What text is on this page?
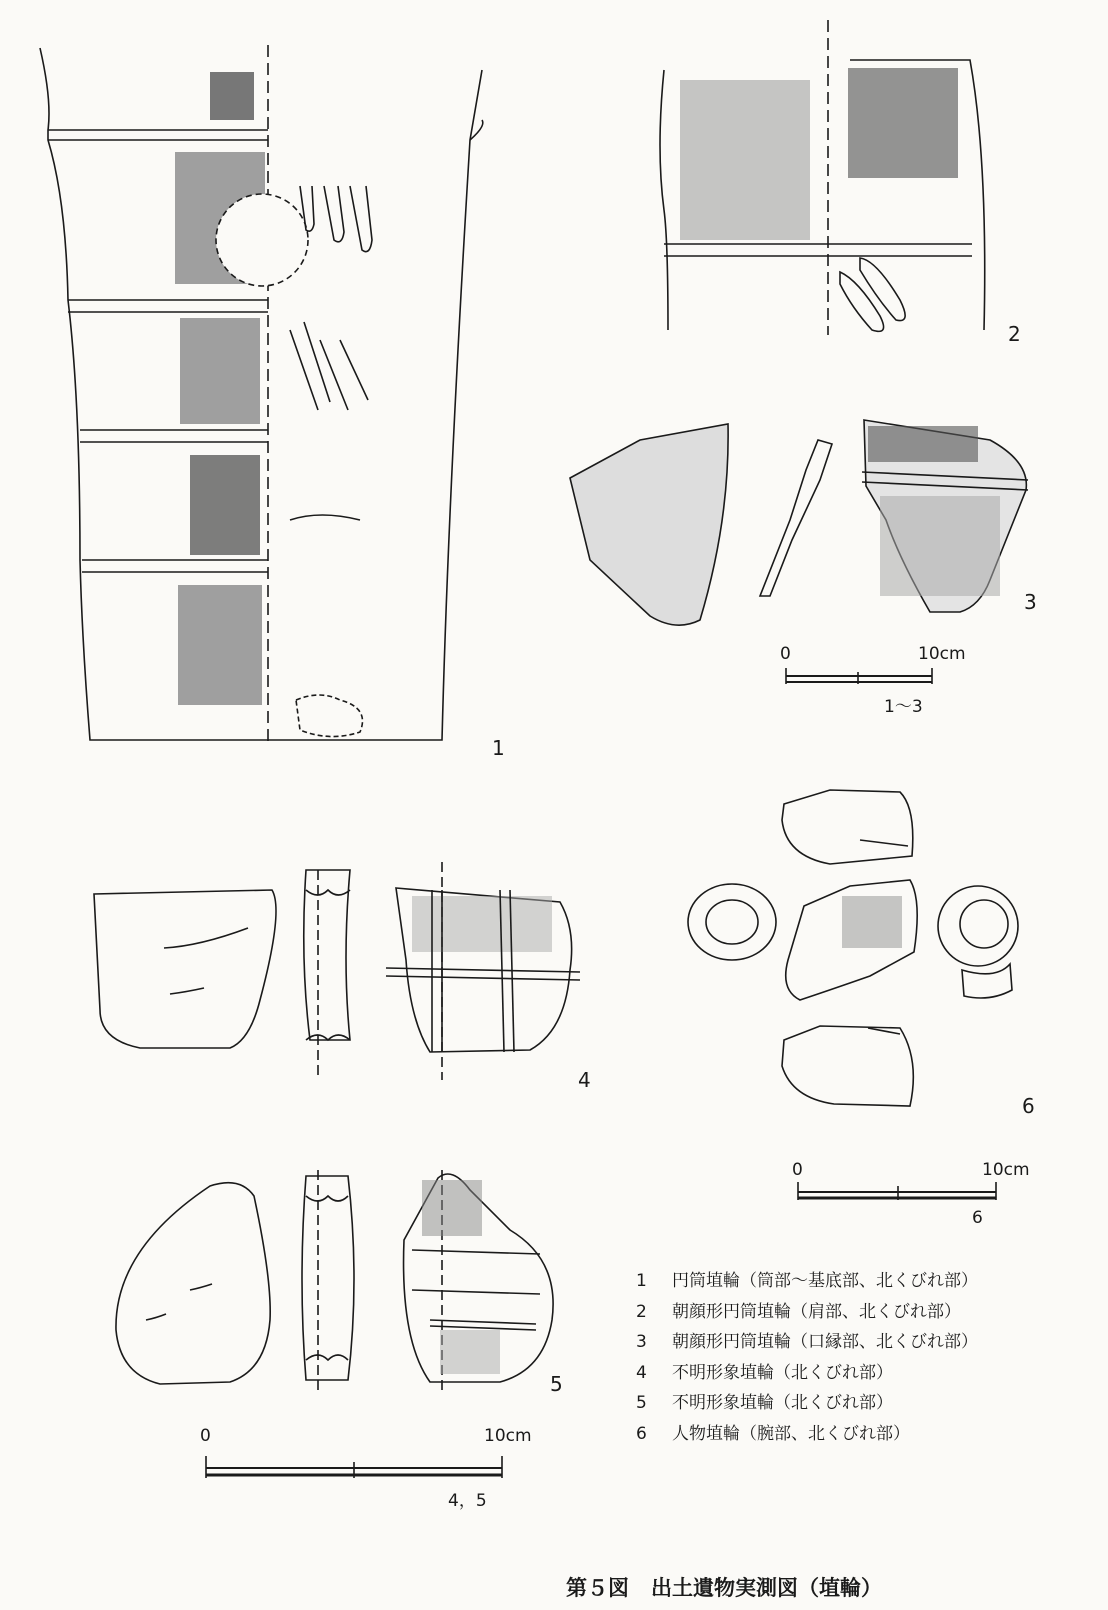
1
2
3
4
5
6
0	10cm
1～3
0	10cm
6
0	10cm
4，5
1 円筒埴輪（筒部～基底部、北くびれ部）
2 朝顔形円筒埴輪（肩部、北くびれ部）
3 朝顔形円筒埴輪（口縁部、北くびれ部）
4 不明形象埴輪（北くびれ部）
5 不明形象埴輪（北くびれ部）
6 人物埴輪（腕部、北くびれ部）
第５図 出土遺物実測図（埴輪）
